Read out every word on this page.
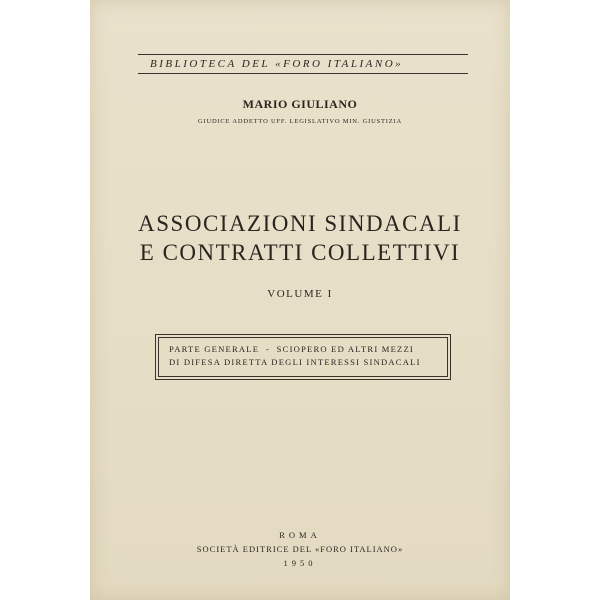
BIBLIOTECA DEL «FORO ITALIANO»
MARIO GIULIANO
GIUDICE ADDETTO UFF. LEGISLATIVO MIN. GIUSTIZIA
ASSOCIAZIONI SINDACALI
E CONTRATTI COLLETTIVI
VOLUME I
PARTE GENERALE  -  SCIOPERO ED ALTRI MEZZI
DI DIFESA DIRETTA DEGLI INTERESSI SINDACALI
ROMA
SOCIETÀ EDITRICE DEL «FORO ITALIANO»
1950
